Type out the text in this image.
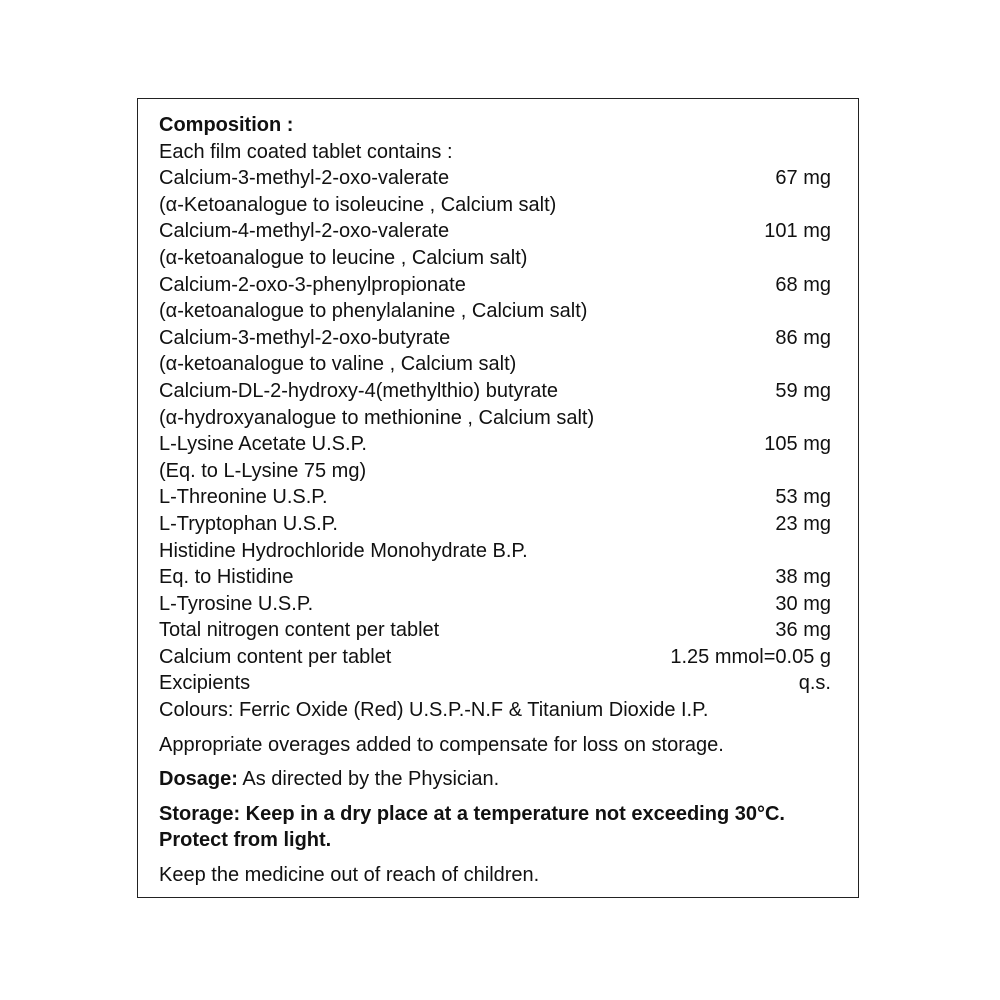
Composition :
Each film coated tablet contains :
Calcium-3-methyl-2-oxo-valerate	67 mg
(α-Ketoanalogue to isoleucine , Calcium salt)
Calcium-4-methyl-2-oxo-valerate	101 mg
(α-ketoanalogue to leucine , Calcium salt)
Calcium-2-oxo-3-phenylpropionate	68 mg
(α-ketoanalogue to phenylalanine , Calcium salt)
Calcium-3-methyl-2-oxo-butyrate	86 mg
(α-ketoanalogue to valine , Calcium salt)
Calcium-DL-2-hydroxy-4(methylthio) butyrate	59 mg
(α-hydroxyanalogue to methionine , Calcium salt)
L-Lysine Acetate U.S.P.	105 mg
(Eq. to L-Lysine 75 mg)
L-Threonine U.S.P.	53 mg
L-Tryptophan U.S.P.	23 mg
Histidine Hydrochloride Monohydrate B.P.
Eq. to Histidine	38 mg
L-Tyrosine U.S.P.	30 mg
Total nitrogen content per tablet	36 mg
Calcium content per tablet	1.25 mmol=0.05 g
Excipients	q.s.
Colours: Ferric Oxide (Red) U.S.P.-N.F & Titanium Dioxide I.P.
Appropriate overages added to compensate for loss on storage.
Dosage: As directed by the Physician.
Storage: Keep in a dry place at a temperature not exceeding 30°C.
Protect from light.
Keep the medicine out of reach of children.
